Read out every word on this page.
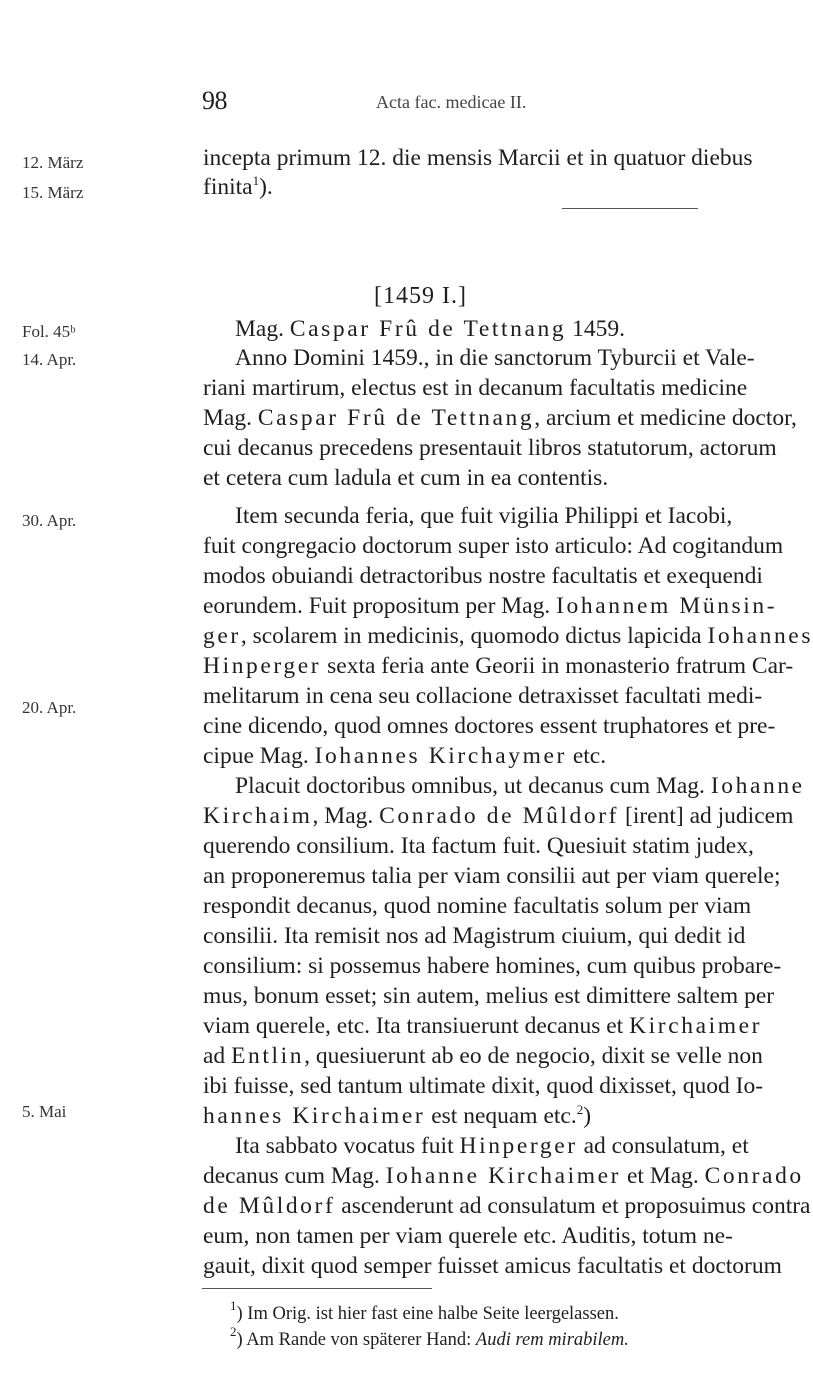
98	Acta fac. medicae II.
12. März
15. März
Fol. 45ᵇ
14. Apr.
30. Apr.
20. Apr.
5. Mai
[1459 I.]
incepta primum 12. die mensis Marcii et in quatuor diebus
finita$^1$).
Mag. Caspar Frû de Tettnang 1459.
Anno Domini 1459., in die sanctorum Tyburcii et Vale-
riani martirum, electus est in decanum facultatis medicine
Mag. Caspar Frû de Tettnang, arcium et medicine doctor,
cui decanus precedens presentauit libros statutorum, actorum
et cetera cum ladula et cum in ea contentis.
Item secunda feria, que fuit vigilia Philippi et Iacobi,
fuit congregacio doctorum super isto articulo: Ad cogitandum
modos obuiandi detractoribus nostre facultatis et exequendi
eorundem. Fuit propositum per Mag. Iohannem Münsin-
ger, scolarem in medicinis, quomodo dictus lapicida Iohannes
Hinperger sexta feria ante Georii in monasterio fratrum Car-
melitarum in cena seu collacione detraxisset facultati medi-
cine dicendo, quod omnes doctores essent truphatores et pre-
cipue Mag. Iohannes Kirchaymer etc.
Placuit doctoribus omnibus, ut decanus cum Mag. Iohanne
Kirchaim, Mag. Conrado de Mûldorf [irent] ad judicem
querendo consilium. Ita factum fuit. Quesiuit statim judex,
an proponeremus talia per viam consilii aut per viam querele;
respondit decanus, quod nomine facultatis solum per viam
consilii. Ita remisit nos ad Magistrum ciuium, qui dedit id
consilium: si possemus habere homines, cum quibus probare-
mus, bonum esset; sin autem, melius est dimittere saltem per
viam querele, etc. Ita transiuerunt decanus et Kirchaimer
ad Entlin, quesiuerunt ab eo de negocio, dixit se velle non
ibi fuisse, sed tantum ultimate dixit, quod dixisset, quod Io-
hannes Kirchaimer est nequam etc.$^2$)
Ita sabbato vocatus fuit Hinperger ad consulatum, et
decanus cum Mag. Iohanne Kirchaimer et Mag. Conrado
de Mûldorf ascenderunt ad consulatum et proposuimus contra
eum, non tamen per viam querele etc. Auditis, totum ne-
gauit, dixit quod semper fuisset amicus facultatis et doctorum
$^1$) Im Orig. ist hier fast eine halbe Seite leergelassen.
$^2$) Am Rande von späterer Hand: Audi rem mirabilem.
